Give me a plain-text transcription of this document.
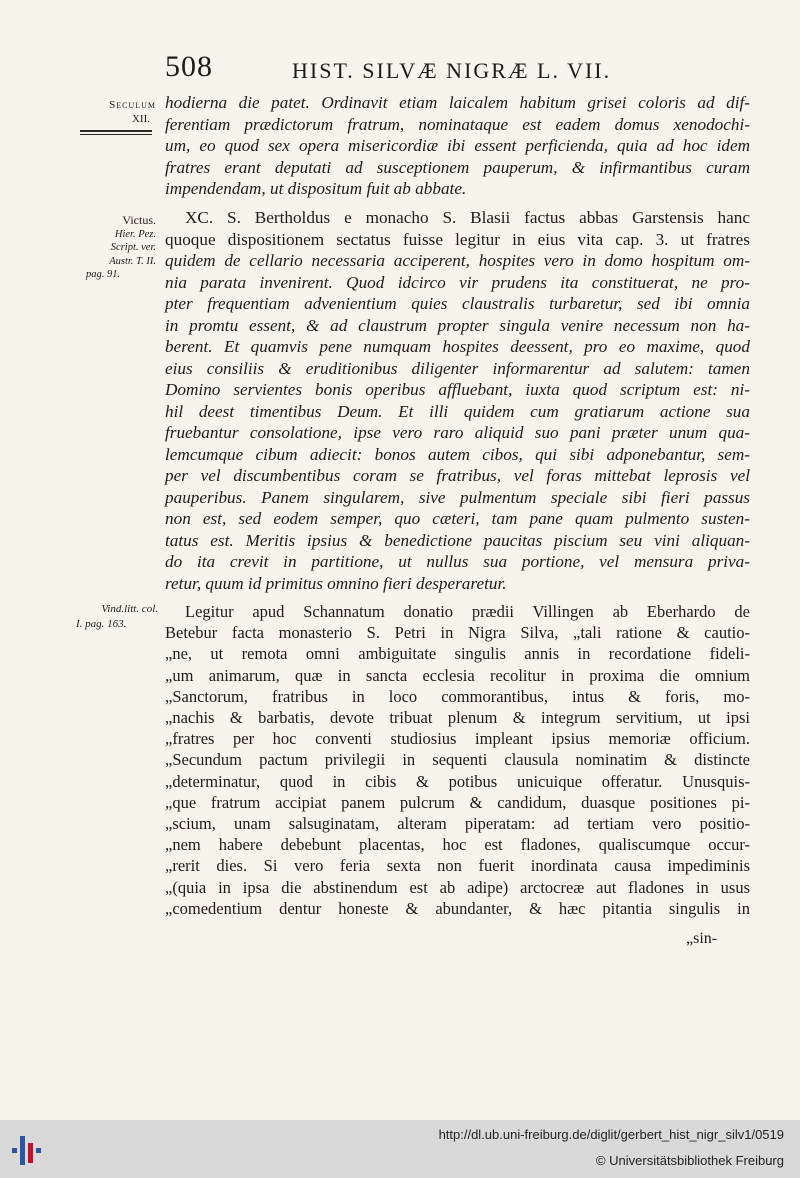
508	HIST. SILVÆ NIGRÆ L. VII.
Seculum
XII.
Victus.
Hier. Pez.
Script. ver.
Austr. T. II.
pag. 91.
Vind.litt. col.
I. pag. 163.
hodierna die patet. Ordinavit etiam laicalem habitum grisei coloris ad dif-
ferentiam prædictorum fratrum, nominataque est eadem domus xenodochi-
um, eo quod sex opera misericordiæ ibi essent perficienda, quia ad hoc idem
fratres erant deputati ad susceptionem pauperum, & infirmantibus curam
impendendam, ut dispositum fuit ab abbate.
XC. S. Bertholdus e monacho S. Blasii factus abbas Garstensis hanc
quoque dispositionem sectatus fuisse legitur in eius vita cap. 3. ut fratres
quidem de cellario necessaria acciperent, hospites vero in domo hospitum om-
nia parata invenirent. Quod idcirco vir prudens ita constituerat, ne pro-
pter frequentiam advenientium quies claustralis turbaretur, sed ibi omnia
in promtu essent, & ad claustrum propter singula venire necessum non ha-
berent. Et quamvis pene numquam hospites deessent, pro eo maxime, quod
eius consiliis & eruditionibus diligenter informarentur ad salutem: tamen
Domino servientes bonis operibus affluebant, iuxta quod scriptum est: ni-
hil deest timentibus Deum. Et illi quidem cum gratiarum actione sua
fruebantur consolatione, ipse vero raro aliquid suo pani præter unum qua-
lemcumque cibum adiecit: bonos autem cibos, qui sibi adponebantur, sem-
per vel discumbentibus coram se fratribus, vel foras mittebat leprosis vel
pauperibus. Panem singularem, sive pulmentum speciale sibi fieri passus
non est, sed eodem semper, quo cæteri, tam pane quam pulmento susten-
tatus est. Meritis ipsius & benedictione paucitas piscium seu vini aliquan-
do ita crevit in partitione, ut nullus sua portione, vel mensura priva-
retur, quum id primitus omnino fieri desperaretur.
Legitur apud Schannatum donatio prædii Villingen ab Eberhardo de
Betebur facta monasterio S. Petri in Nigra Silva, „tali ratione & cautio-
„ne, ut remota omni ambiguitate singulis annis in recordatione fideli-
„um animarum, quæ in sancta ecclesia recolitur in proxima die omnium
„Sanctorum, fratribus in loco commorantibus, intus & foris, mo-
„nachis & barbatis, devote tribuat plenum & integrum servitium, ut ipsi
„fratres per hoc conventi studiosius impleant ipsius memoriæ officium.
„Secundum pactum privilegii in sequenti clausula nominatim & distincte
„determinatur, quod in cibis & potibus unicuique offeratur. Unusquis-
„que fratrum accipiat panem pulcrum & candidum, duasque positiones pi-
„scium, unam salsuginatam, alteram piperatam: ad tertiam vero positio-
„nem habere debebunt placentas, hoc est fladones, qualiscumque occur-
„rerit dies. Si vero feria sexta non fuerit inordinata causa impediminis
„(quia in ipsa die abstinendum est ab adipe) arctocreæ aut fladones in usus
„comedentium dentur honeste & abundanter, & hæc pitantia singulis in
„sin-
http://dl.ub.uni-freiburg.de/diglit/gerbert_hist_nigr_silv1/0519
© Universitätsbibliothek Freiburg
